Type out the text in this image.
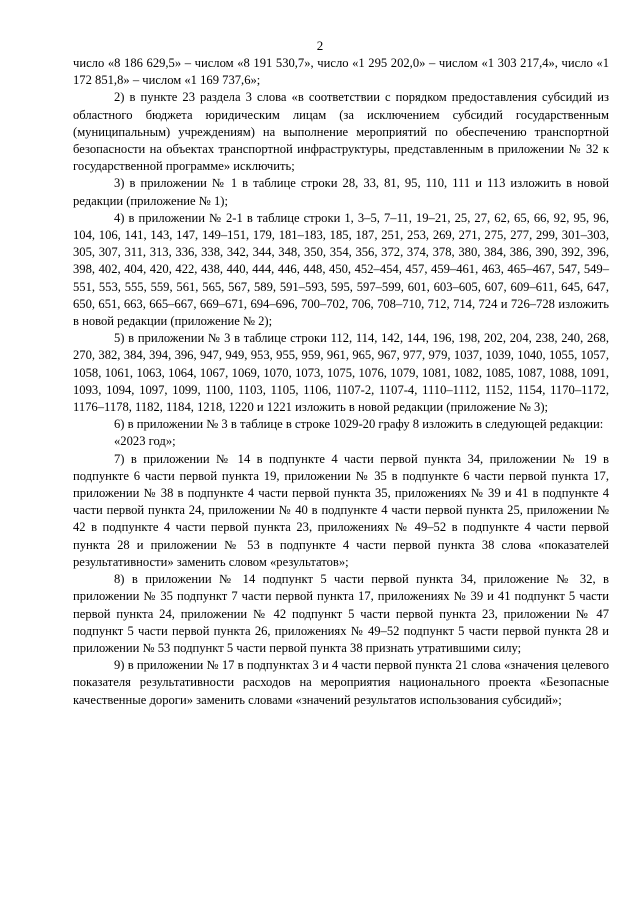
2

число «8 186 629,5» – числом «8 191 530,7», число «1 295 202,0» – числом «1 303 217,4», число «1 172 851,8» – числом «1 169 737,6»;

2) в пункте 23 раздела 3 слова «в соответствии с порядком предоставления субсидий из областного бюджета юридическим лицам (за исключением субсидий государственным (муниципальным) учреждениям) на выполнение мероприятий по обеспечению транспортной безопасности на объектах транспортной инфраструктуры, представленным в приложении № 32 к государственной программе» исключить;

3) в приложении № 1 в таблице строки 28, 33, 81, 95, 110, 111 и 113 изложить в новой редакции (приложение № 1);

4) в приложении № 2-1 в таблице строки 1, 3–5, 7–11, 19–21, 25, 27, 62, 65, 66, 92, 95, 96, 104, 106, 141, 143, 147, 149–151, 179, 181–183, 185, 187, 251, 253, 269, 271, 275, 277, 299, 301–303, 305, 307, 311, 313, 336, 338, 342, 344, 348, 350, 354, 356, 372, 374, 378, 380, 384, 386, 390, 392, 396, 398, 402, 404, 420, 422, 438, 440, 444, 446, 448, 450, 452–454, 457, 459–461, 463, 465–467, 547, 549–551, 553, 555, 559, 561, 565, 567, 589, 591–593, 595, 597–599, 601, 603–605, 607, 609–611, 645, 647, 650, 651, 663, 665–667, 669–671, 694–696, 700–702, 706, 708–710, 712, 714, 724 и 726–728 изложить в новой редакции (приложение № 2);

5) в приложении № 3 в таблице строки 112, 114, 142, 144, 196, 198, 202, 204, 238, 240, 268, 270, 382, 384, 394, 396, 947, 949, 953, 955, 959, 961, 965, 967, 977, 979, 1037, 1039, 1040, 1055, 1057, 1058, 1061, 1063, 1064, 1067, 1069, 1070, 1073, 1075, 1076, 1079, 1081, 1082, 1085, 1087, 1088, 1091, 1093, 1094, 1097, 1099, 1100, 1103, 1105, 1106, 1107-2, 1107-4, 1110–1112, 1152, 1154, 1170–1172, 1176–1178, 1182, 1184, 1218, 1220 и 1221 изложить в новой редакции (приложение № 3);

6) в приложении № 3 в таблице в строке 1029-20 графу 8 изложить в следующей редакции:

«2023 год»;

7) в приложении № 14 в подпункте 4 части первой пункта 34, приложении № 19 в подпункте 6 части первой пункта 19, приложении № 35 в подпункте 6 части первой пункта 17, приложении № 38 в подпункте 4 части первой пункта 35, приложениях № 39 и 41 в подпункте 4 части первой пункта 24, приложении № 40 в подпункте 4 части первой пункта 25, приложении № 42 в подпункте 4 части первой пункта 23, приложениях № 49–52 в подпункте 4 части первой пункта 28 и приложении № 53 в подпункте 4 части первой пункта 38 слова «показателей результативности» заменить словом «результатов»;

8) в приложении № 14 подпункт 5 части первой пункта 34, приложение № 32, в приложении № 35 подпункт 7 части первой пункта 17, приложениях № 39 и 41 подпункт 5 части первой пункта 24, приложении № 42 подпункт 5 части первой пункта 23, приложении № 47 подпункт 5 части первой пункта 26, приложениях № 49–52 подпункт 5 части первой пункта 28 и приложении № 53 подпункт 5 части первой пункта 38 признать утратившими силу;

9) в приложении № 17 в подпунктах 3 и 4 части первой пункта 21 слова «значения целевого показателя результативности расходов на мероприятия национального проекта «Безопасные качественные дороги» заменить словами «значений результатов использования субсидий»;
